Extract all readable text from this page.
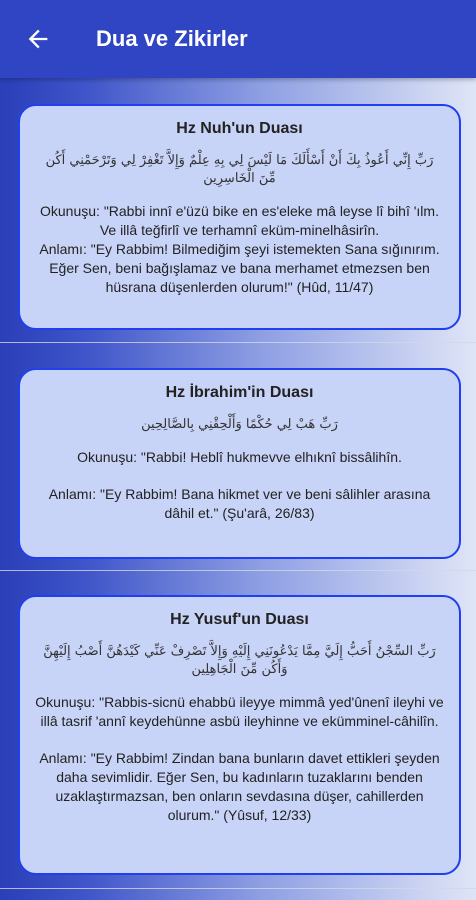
Dua ve Zikirler
Hz Nuh'un Duası
رَبِّ إِنِّي أَعُوذُ بِكَ أَنْ أَسْأَلَكَ مَا لَيْسَ لِي بِهِ عِلْمٌ وَإِلاَّ تَغْفِرْ لِي وَتَرْحَمْنِي أَكُن مِّنَ الْخَاسِرِين
Okunuşu: "Rabbi innî e'üzü bike en es'eleke mâ leyse lî bihî 'ılm. Ve illâ teğfirlî ve terhamnî eküm-minelhâsirîn.
Anlamı: "Ey Rabbim! Bilmediğim şeyi istemekten Sana sığınırım. Eğer Sen, beni bağışlamaz ve bana merhamet etmezsen ben hüsrana düşenlerden olurum!" (Hûd, 11/47)
Hz İbrahim'in Duası
رَبِّ هَبْ لِي حُكْمًا وَأَلْحِقْنِي بِالصَّالِحِين
Okunuşu: "Rabbi! Heblî hukmevve elhıknî bissâlihîn.
Anlamı: "Ey Rabbim! Bana hikmet ver ve beni sâlihler arasına dâhil et." (Şu'arâ, 26/83)
Hz Yusuf'un Duası
رَبِّ السِّجْنُ أَحَبُّ إِلَيَّ مِمَّا يَدْعُونَنِي إِلَيْهِ وَإِلاَّ تَصْرِفْ عَنِّي كَيْدَهُنَّ أَصْبُ إِلَيْهِنَّ وَأَكُن مِّنَ الْجَاهِلِين
Okunuşu: "Rabbis-sicnü ehabbü ileyye mimmâ yed'ûnenî ileyhi ve illâ tasrif 'annî keydehünne asbü ileyhinne ve ekümminel-câhilîn.
Anlamı: "Ey Rabbim! Zindan bana bunların davet ettikleri şeyden daha sevimlidir. Eğer Sen, bu kadınların tuzaklarını benden uzaklaştırmazsan, ben onların sevdasına düşer, cahillerden olurum." (Yûsuf, 12/33)
